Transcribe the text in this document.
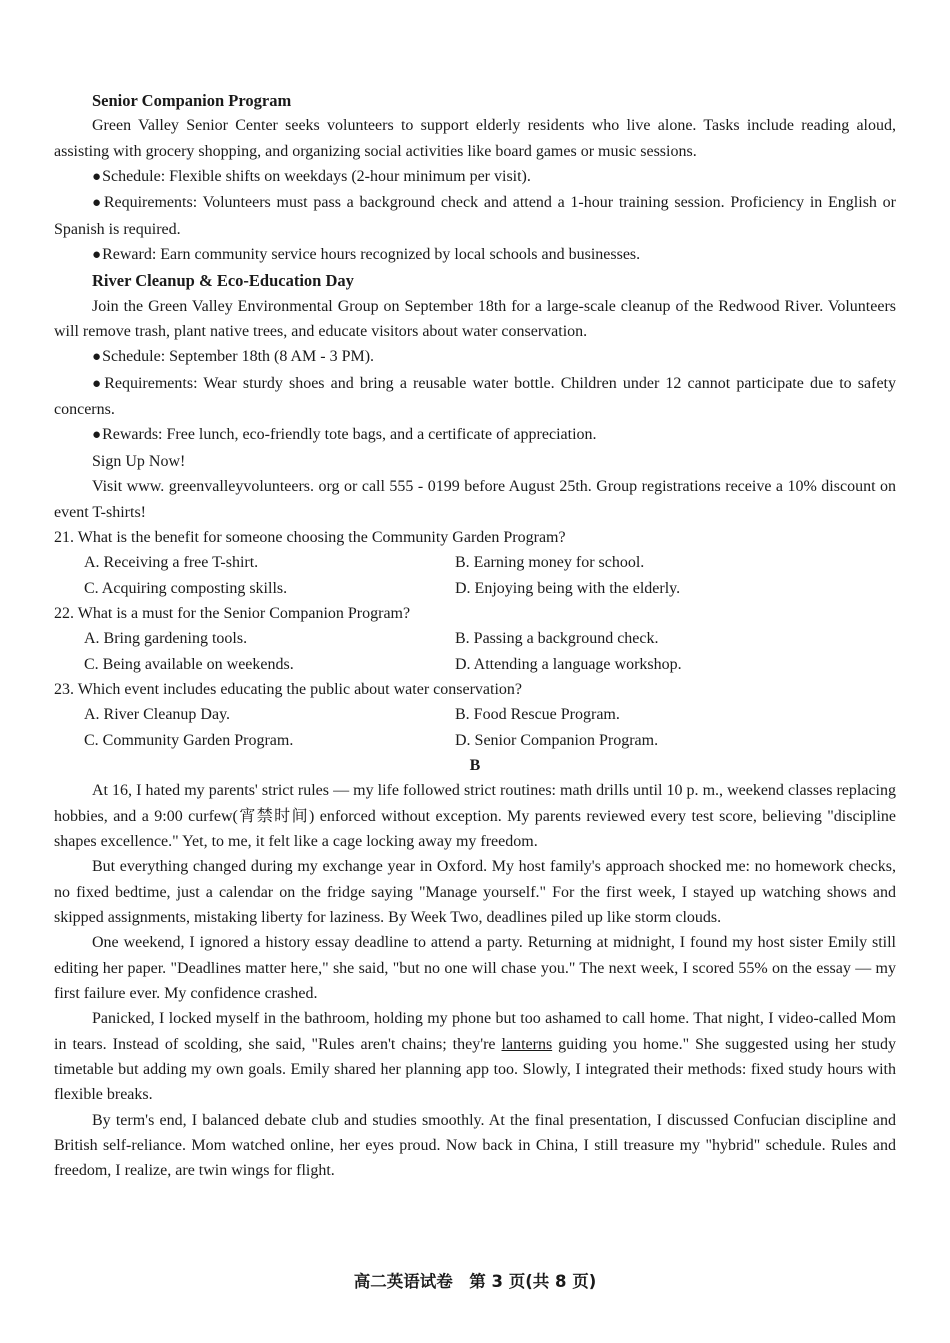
Senior Companion Program
Green Valley Senior Center seeks volunteers to support elderly residents who live alone. Tasks include reading aloud, assisting with grocery shopping, and organizing social activities like board games or music sessions.
●Schedule: Flexible shifts on weekdays (2-hour minimum per visit).
●Requirements: Volunteers must pass a background check and attend a 1-hour training session. Proficiency in English or Spanish is required.
●Reward: Earn community service hours recognized by local schools and businesses.
River Cleanup & Eco-Education Day
Join the Green Valley Environmental Group on September 18th for a large-scale cleanup of the Redwood River. Volunteers will remove trash, plant native trees, and educate visitors about water conservation.
●Schedule: September 18th (8 AM - 3 PM).
●Requirements: Wear sturdy shoes and bring a reusable water bottle. Children under 12 cannot participate due to safety concerns.
●Rewards: Free lunch, eco-friendly tote bags, and a certificate of appreciation.
Sign Up Now!
Visit www. greenvalleyvolunteers. org or call 555 - 0199 before August 25th. Group registrations receive a 10% discount on event T-shirts!
21. What is the benefit for someone choosing the Community Garden Program?
A. Receiving a free T-shirt.	B. Earning money for school.
C. Acquiring composting skills.	D. Enjoying being with the elderly.
22. What is a must for the Senior Companion Program?
A. Bring gardening tools.	B. Passing a background check.
C. Being available on weekends.	D. Attending a language workshop.
23. Which event includes educating the public about water conservation?
A. River Cleanup Day.	B. Food Rescue Program.
C. Community Garden Program.	D. Senior Companion Program.
B
At 16, I hated my parents' strict rules — my life followed strict routines: math drills until 10 p. m., weekend classes replacing hobbies, and a 9:00 curfew(宵禁时间) enforced without exception. My parents reviewed every test score, believing "discipline shapes excellence." Yet, to me, it felt like a cage locking away my freedom.
But everything changed during my exchange year in Oxford. My host family's approach shocked me: no homework checks, no fixed bedtime, just a calendar on the fridge saying "Manage yourself." For the first week, I stayed up watching shows and skipped assignments, mistaking liberty for laziness. By Week Two, deadlines piled up like storm clouds.
One weekend, I ignored a history essay deadline to attend a party. Returning at midnight, I found my host sister Emily still editing her paper. "Deadlines matter here," she said, "but no one will chase you." The next week, I scored 55% on the essay — my first failure ever. My confidence crashed.
Panicked, I locked myself in the bathroom, holding my phone but too ashamed to call home. That night, I video-called Mom in tears. Instead of scolding, she said, "Rules aren't chains; they're lanterns guiding you home." She suggested using her study timetable but adding my own goals. Emily shared her planning app too. Slowly, I integrated their methods: fixed study hours with flexible breaks.
By term's end, I balanced debate club and studies smoothly. At the final presentation, I discussed Confucian discipline and British self-reliance. Mom watched online, her eyes proud. Now back in China, I still treasure my "hybrid" schedule. Rules and freedom, I realize, are twin wings for flight.
高二英语试卷　第 3 页(共 8 页)
